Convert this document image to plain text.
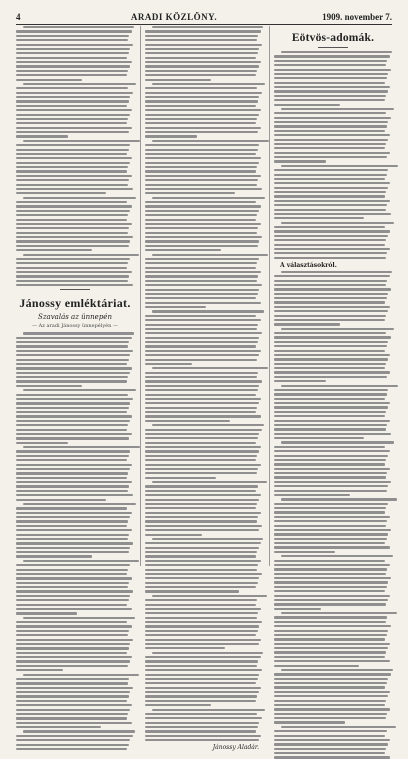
4	ARADI KÖZLÖNY.	1909. november 7.
Jánossy emléktáriat.
Szavalás az ünnepén
— Az aradi Jánossy ünnepélyén —
Jánossy Aladár.
Eötvös-adomák.
A választásokról.
